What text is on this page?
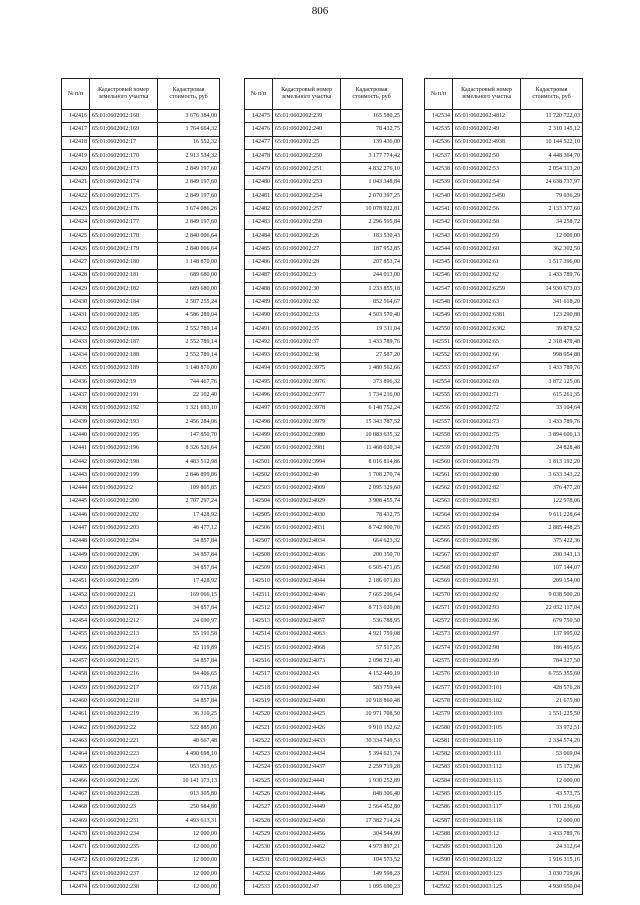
806
№ п/п	Кадастровый номер земельного участка	Кадастровая стоимость, руб
142416	65:01:0602002:168	3 676 384,00
142417	65:01:0602002:169	1 764 664,32
142418	65:01:0602002:17	16 552,32
142419	65:01:0602002:170	2 913 534,32
142420	65:01:0602002:173	2 849 197,60
142421	65:01:0602002:174	2 849 197,60
142422	65:01:0602002:175	2 849 197,60
142423	65:01:0602002:176	3 674 086,26
142424	65:01:0602002:177	2 849 197,60
142425	65:01:0602002:178	2 840 006,64
142426	65:01:0602002:179	2 840 006,64
142427	65:01:0602002:180	1 148 870,00
142428	65:01:0602002:181	689 680,00
142429	65:01:0602002:182	689 680,00
142430	65:01:0602002:184	2 587 255,24
142431	65:01:0602002:185	4 586 289,04
142432	65:01:0602002:186	2 552 789,14
142433	65:01:0602002:187	2 552 789,14
142434	65:01:0602002:188	2 552 789,14
142435	65:01:0602002:189	1 148 870,00
142436	65:01:0602002:19	744 467,76
142437	65:01:0602002:191	22 102,40
142438	65:01:0602002:192	1 321 693,10
142439	65:01:0602002:193	2 456 284,06
142440	65:01:0602002:195	147 850,70
142441	65:01:0602002:196	8 326 526,64
142442	65:01:0602002:198	4 483 512,98
142443	65:01:0602002:199	2 846 899,86
142444	65:01:0602002:2	109 805,85
142445	65:01:0602002:200	2 707 297,24
142446	65:01:0602002:202	17 428,92
142447	65:01:0602002:203	46 477,12
142448	65:01:0602002:204	34 857,84
142449	65:01:0602002:206	34 857,84
142450	65:01:0602002:207	34 857,84
142451	65:01:0602002:209	17 428,92
142452	65:01:0602002:21	169 066,15
142453	65:01:0602002:211	34 857,84
142454	65:01:0602002:212	24 690,97
142455	65:01:0602002:213	55 191,58
142456	65:01:0602002:214	42 119,89
142457	65:01:0602002:215	34 857,84
142458	65:01:0602002:216	94 406,65
142459	65:01:0602002:217	69 715,68
142460	65:01:0602002:218	34 857,84
142461	65:01:0602002:219	36 310,25
142462	65:01:0602002:22	522 885,00
142463	65:01:0602002:221	40 667,48
142464	65:01:0602002:223	4 490 698,10
142465	65:01:0602002:224	953 393,65
142466	65:01:0602002:226	10 141 173,13
142467	65:01:0602002:228	913 305,80
142468	65:01:0602002:23	250 984,80
142469	65:01:0602002:231	4 493 613,31
142470	65:01:0602002:234	12 000,00
142471	65:01:0602002:235	12 000,00
142472	65:01:0602002:236	12 000,00
142473	65:01:0602002:237	12 000,00
142474	65:01:0602002:238	12 000,00
№ п/п	Кадастровый номер земельного участка	Кадастровая стоимость, руб
142475	65:01:0602002:239	165 580,25
142476	65:01:0602002:240	78 432,75
142477	65:01:0602002:25	139 436,00
142478	65:01:0602002:250	3 177 774,42
142479	65:01:0602002:251	4 832 276,10
142480	65:01:0602002:253	1 043 348,84
142481	65:01:0602002:254	2 070 397,25
142482	65:01:0602002:257	10 078 922,81
142483	65:01:0602002:258	2 296 595,84
142484	65:01:0602002:26	183 530,43
142485	65:01:0602002:27	187 952,85
142486	65:01:0602002:28	207 853,74
142487	65:01:0602002:3	244 013,00
142488	65:01:0602002:30	1 233 855,18
142489	65:01:0602002:32	852 564,67
142490	65:01:0602002:33	4 503 570,40
142491	65:01:0602002:35	19 311,04
142492	65:01:0602002:37	1 433 789,76
142493	65:01:0602002:38	27 587,20
142494	65:01:0602002:3975	1 480 562,66
142495	65:01:0602002:3976	373 896,32
142496	65:01:0602002:3977	1 734 216,00
142497	65:01:0602002:3978	6 148 752,24
142498	65:01:0602002:3979	15 343 787,52
142499	65:01:0602002:3980	10 883 635,32
142500	65:01:0602002:3981	11 468 020,34
142501	65:01:0602002:3994	8 016 814,86
142502	65:01:0602002:40	1 708 270,74
142503	65:01:0602002:4009	2 095 329,60
142504	65:01:0602002:4029	3 908 455,74
142505	65:01:0602002:4030	78 432,75
142506	65:01:0602002:4031	8 742 900,70
142507	65:01:0602002:4034	664 623,32
142508	65:01:0602002:4036	200 350,70
142509	65:01:0602002:4043	6 505 471,05
142510	65:01:0602002:4044	2 186 071,83
142511	65:01:0602002:4046	7 665 206,64
142512	65:01:0602002:4047	8 713 020,08
142513	65:01:0602002:4057	536 788,95
142514	65:01:0602002:4063	4 921 759,08
142515	65:01:0602002:4068	57 517,35
142516	65:01:0602002:4073	2 098 721,40
142517	65:01:0602002:43	4 152 440,19
142518	65:01:0602002:44	583 759,44
142519	65:01:0602002:4400	10 918 860,48
142520	65:01:0602002:4425	10 971 708,50
142521	65:01:0602002:4426	9 910 152,62
142522	65:01:0602002:4433	30 334 749,53
142523	65:01:0602002:4434	5 394 621,74
142524	65:01:0602002:4437	2 259 719,28
142525	65:01:0602002:4441	1 930 252,89
142526	65:01:0602002:4446	848 306,40
142527	65:01:0602002:4449	2 564 452,80
142528	65:01:0602002:4450	17 382 714,24
142529	65:01:0602002:4456	304 544,99
142530	65:01:0602002:4462	4 973 897,21
142531	65:01:0602002:4463	104 573,52
142532	65:01:0602002:4466	149 598,23
142533	65:01:0602002:47	1 095 690,23
№ п/п	Кадастровый номер земельного участка	Кадастровая стоимость, руб
142534	65:01:0602002:4812	11 720 722,03
142535	65:01:0602002:49	2 310 145,12
142536	65:01:0602002:4938	10 144 522,10
142537	65:01:0602002:50	4 448 364,70
142538	65:01:0602002:53	2 054 313,20
142539	65:01:0602002:54	24 638 737,97
142540	65:01:0602002:5450	79 036,29
142541	65:01:0602002:56	2 133 377,60
142542	65:01:0602002:58	34 258,72
142543	65:01:0602002:59	12 000,00
142544	65:01:0602002:60	362 302,50
142545	65:01:0602002:61	1 517 396,00
142546	65:01:0602002:62	1 433 789,76
142547	65:01:0602002:6259	14 930 673,03
142548	65:01:0602002:63	341 618,20
142549	65:01:0602002:6381	123 290,88
142550	65:01:0602002:6382	39 878,52
142551	65:01:0602002:65	2 318 479,48
142552	65:01:0602002:66	998 954,88
142553	65:01:0602002:67	1 433 789,76
142554	65:01:0602002:69	3 872 125,06
142555	65:01:0602002:71	615 261,35
142556	65:01:0602002:72	33 104,64
142557	65:01:0602002:73	1 433 789,76
142558	65:01:0602002:75	3 894 606,13
142559	65:01:0602002:78	24 828,48
142560	65:01:0602002:79	1 813 192,20
142561	65:01:0602002:80	3 633 343,22
142562	65:01:0602002:82	376 477,20
142563	65:01:0602002:83	122 978,06
142564	65:01:0602002:84	9 611 228,64
142565	65:01:0602002:85	2 885 448,25
142566	65:01:0602002:86	375 422,36
142567	65:01:0602002:87	200 343,13
142568	65:01:0602002:90	107 144,07
142569	65:01:0602002:91	209 154,00
142570	65:01:0602002:92	9 038 500,20
142571	65:01:0602002:93	22 052 117,04
142572	65:01:0602002:96	679 750,50
142573	65:01:0602002:97	137 995,02
142574	65:01:0602002:98	186 495,65
142575	65:01:0602002:99	784 327,50
142576	65:01:0602003:10	6 755 355,60
142577	65:01:0602003:101	428 576,28
142578	65:01:0602003:102	21 675,80
142579	65:01:0602003:103	1 551 225,50
142580	65:01:0602003:105	33 972,51
142581	65:01:0602003:110	2 334 574,20
142582	65:01:0602003:111	53 069,04
142583	65:01:0602003:112	15 172,96
142584	65:01:0602003:113	12 000,00
142585	65:01:0602003:115	43 573,75
142586	65:01:0602003:117	1 701 236,60
142587	65:01:0602003:118	12 000,00
142588	65:01:0602003:12	1 433 789,76
142589	65:01:0602003:120	24 312,64
142590	65:01:0602003:122	1 916 315,16
142591	65:01:0602003:123	3 030 719,06
142592	65:01:0602003:125	4 930 950,04
